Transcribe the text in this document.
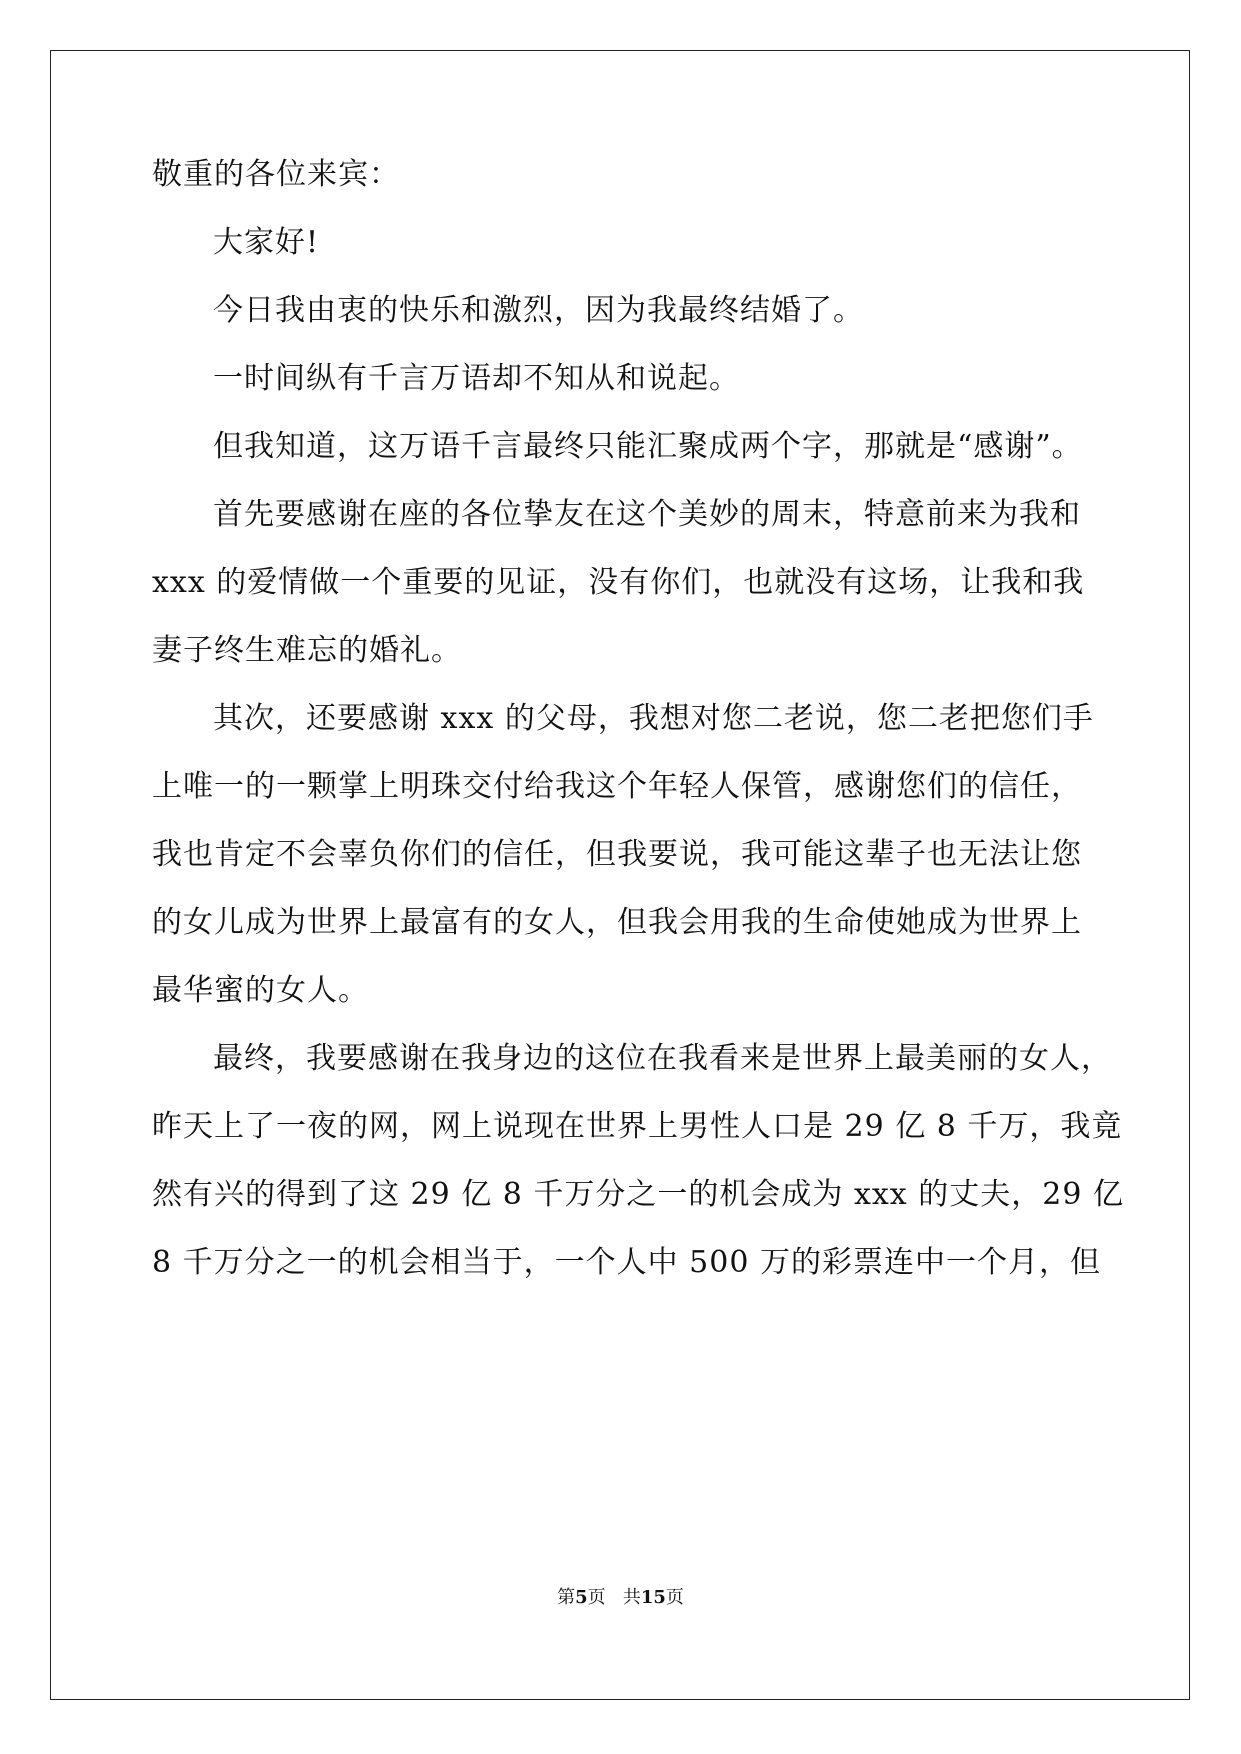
敬重的各位来宾：
大家好!
今日我由衷的快乐和激烈，因为我最终结婚了。
一时间纵有千言万语却不知从和说起。
但我知道，这万语千言最终只能汇聚成两个字，那就是“感谢”。
首先要感谢在座的各位挚友在这个美妙的周末，特意前来为我和
xxx 的爱情做一个重要的见证，没有你们，也就没有这场，让我和我
妻子终生难忘的婚礼。
其次，还要感谢 xxx 的父母，我想对您二老说，您二老把您们手
上唯一的一颗掌上明珠交付给我这个年轻人保管，感谢您们的信任，
我也肯定不会辜负你们的信任，但我要说，我可能这辈子也无法让您
的女儿成为世界上最富有的女人，但我会用我的生命使她成为世界上
最华蜜的女人。
最终，我要感谢在我身边的这位在我看来是世界上最美丽的女人，
昨天上了一夜的网，网上说现在世界上男性人口是 29 亿 8 千万，我竟
然有兴的得到了这 29 亿 8 千万分之一的机会成为 xxx 的丈夫，29 亿
8 千万分之一的机会相当于，一个人中 500 万的彩票连中一个月，但
第5页 共15页
